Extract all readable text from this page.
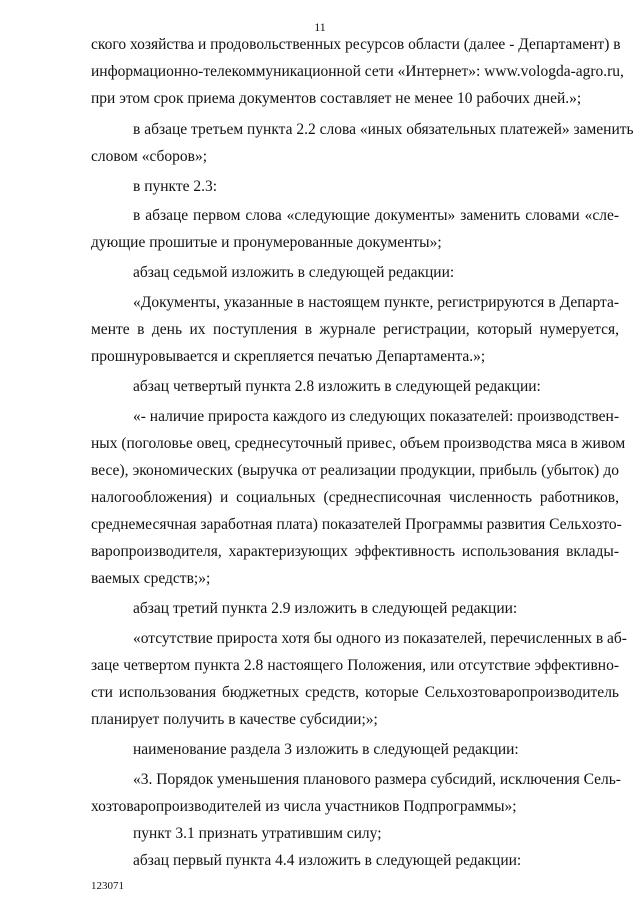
11
ского хозяйства и продовольственных ресурсов области (далее - Департамент) в
информационно-телекоммуникационной сети «Интернет»: www.vologda-agro.ru,
при этом срок приема документов составляет не менее 10 рабочих дней.»;
в абзаце третьем пункта 2.2 слова «иных обязательных платежей» заменить
словом «сборов»;
в пункте 2.3:
в абзаце первом слова «следующие документы» заменить словами «сле-
дующие прошитые и пронумерованные документы»;
абзац седьмой изложить в следующей редакции:
«Документы, указанные в настоящем пункте, регистрируются в Департа-
менте в день их поступления в журнале регистрации, который нумеруется,
прошнуровывается и скрепляется печатью Департамента.»;
абзац четвертый пункта 2.8 изложить в следующей редакции:
«- наличие прироста каждого из следующих показателей: производствен-
ных (поголовье овец, среднесуточный привес, объем производства мяса в живом
весе), экономических (выручка от реализации продукции, прибыль (убыток) до
налогообложения) и социальных (среднесписочная численность работников,
среднемесячная заработная плата) показателей Программы развития Сельхозто-
варопроизводителя, характеризующих эффективность использования вклады-
ваемых средств;»;
абзац третий пункта 2.9 изложить в следующей редакции:
«отсутствие прироста хотя бы одного из показателей, перечисленных в аб-
заце четвертом пункта 2.8 настоящего Положения, или отсутствие эффективно-
сти использования бюджетных средств, которые Сельхозтоваропроизводитель
планирует получить в качестве субсидии;»;
наименование раздела 3 изложить в следующей редакции:
«3. Порядок уменьшения планового размера субсидий, исключения Сель-
хозтоваропроизводителей из числа участников Подпрограммы»;
пункт 3.1 признать утратившим силу;
абзац первый пункта 4.4 изложить в следующей редакции:
123071
